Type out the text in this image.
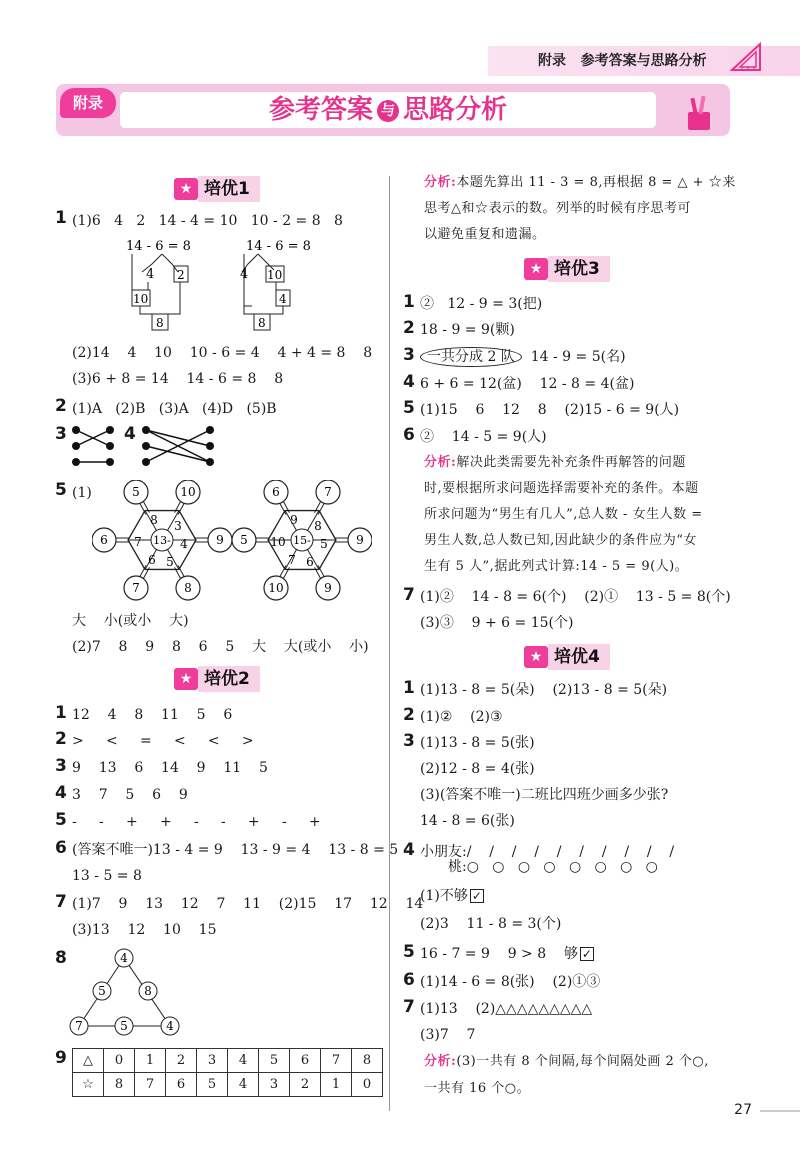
附录   参考答案与思路分析
附录	参考答案 与 思路分析
★ 培优1
1 (1)6   4   2   14 - 4 = 10   10 - 2 = 8   8
14 - 6 = 8
4 2
10
8
14 - 6 = 8
4 10
4
8
(2)14    4    10    10 - 6 = 4    4 + 4 = 8    8
(3)6 + 8 = 14    14 - 6 = 8    8
2 (1)A   (2)B   (3)A   (4)D   (5)B
3	4
5 (1)
13-
8 3
4
5
6
7
5	10
9
8
7
6	15-
9 8
5
6
7
10
6	7
9
9
10
5
大    小(或小    大)
(2)7    8    9    8    6    5    大    大(或小    小)
★ 培优2
1 12    4    8    11    5    6
2 >     <     =     <     <     >
3 9    13    6    14    9    11    5
4 3    7    5    6    9
5 -     -     +     +     -     -     +     -     +
6 (答案不唯一)13 - 4 = 9    13 - 9 = 4    13 - 8 = 5
13 - 5 = 8
7 (1)7    9    13    12    7    11    (2)15    17    12    14
(3)13    12    10    15
8	4
5	8
7	5	4
9 △	0	1	2	3	4	5	6	7	8
☆	8	7	6	5	4	3	2	1	0
分析:本题先算出 11 - 3 = 8,再根据 8 = △ + ☆来
思考△和☆表示的数。列举的时候有序思考可
以避免重复和遗漏。
★ 培优3
1 ②   12 - 9 = 3(把)
2 18 - 9 = 9(颗)
3 一共分成 2 队  14 - 9 = 5(名)
4 6 + 6 = 12(盆)    12 - 8 = 4(盆)
5 (1)15    6    12    8    (2)15 - 6 = 9(人)
6 ②    14 - 5 = 9(人)
分析:解决此类需要先补充条件再解答的问题
时,要根据所求问题选择需要补充的条件。本题
所求问题为“男生有几人”,总人数 - 女生人数 =
男生人数,总人数已知,因此缺少的条件应为“女
生有 5 人”,据此列式计算:14 - 5 = 9(人)。
7 (1)②    14 - 8 = 6(个)    (2)①    13 - 5 = 8(个)
(3)③    9 + 6 = 15(个)
★ 培优4
1 (1)13 - 8 = 5(朵)    (2)13 - 8 = 5(朵)
2 (1)②    (2)③
3 (1)13 - 8 = 5(张)
(2)12 - 8 = 4(张)
(3)(答案不唯一)二班比四班少画多少张?
14 - 8 = 6(张)
4 小朋友:/    /    /    /    /    /    /    /    /    /
桃:○   ○   ○   ○   ○   ○   ○   ○
(1)不够 ✓
(2)3    11 - 8 = 3(个)
5 16 - 7 = 9    9 > 8    够 ✓
6 (1)14 - 6 = 8(张)    (2)①③
7 (1)13    (2)△△△△△△△△△
(3)7    7
分析:(3)一共有 8 个间隔,每个间隔处画 2 个○,
一共有 16 个○。
27
